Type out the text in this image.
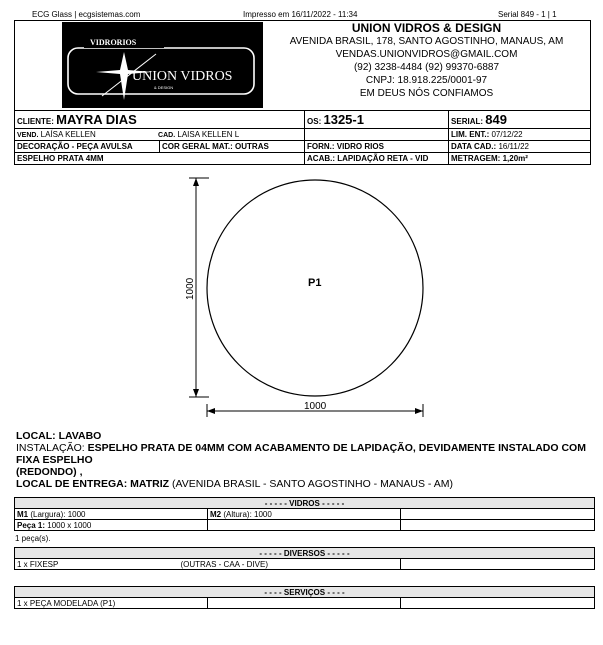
ECG Glass | ecgsistemas.com	Impresso em 16/11/2022 - 11:34	Serial 849 - 1 | 1
VIDRORIOS
UNION VIDROS
& DESIGN
UNION VIDROS & DESIGN
AVENIDA BRASIL, 178, SANTO AGOSTINHO, MANAUS, AM
VENDAS.UNIONVIDROS@GMAIL.COM
(92) 3238-4484 (92) 99370-6887
CNPJ: 18.918.225/0001-97
EM DEUS NÓS CONFIAMOS
CLIENTE: MAYRA DIAS		OS: 1325-1	SERIAL: 849
VEND. LAÍSA KELLEN CAD. LAISA KELLEN L			LIM. ENT.: 07/12/22
DECORAÇÃO - PEÇA AVULSA	COR GERAL MAT.: OUTRAS	FORN.: VIDRO RIOS	DATA CAD.: 16/11/22
ESPELHO PRATA 4MM		ACAB.: LAPIDAÇÃO RETA - VID	METRAGEM: 1,20m²
P1
1000
1000
LOCAL: LAVABO
INSTALAÇÃO: ESPELHO PRATA DE 04MM COM ACABAMENTO DE LAPIDAÇÃO, DEVIDAMENTE INSTALADO COM
FIXA ESPELHO
(REDONDO) ,
LOCAL DE ENTREGA: MATRIZ (AVENIDA BRASIL - SANTO AGOSTINHO - MANAUS - AM)
- - - - - VIDROS - - - - -		
M1 (Largura): 1000	M2 (Altura): 1000	
Peça 1: 1000 x 1000		
1 peça(s).
- - - - - DIVERSOS - - - - -
1 x FIXESP	(OUTRAS - CAA - DIVE)	
- - - - SERVIÇOS - - - -
1 x PEÇA MODELADA (P1)		
